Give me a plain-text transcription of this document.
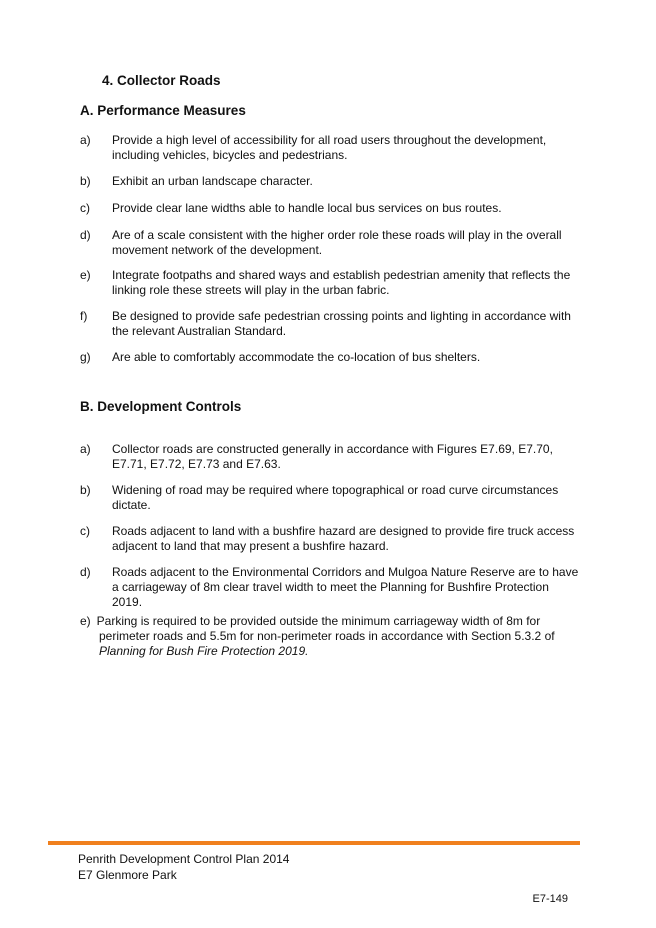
4. Collector Roads
A. Performance Measures
a) Provide a high level of accessibility for all road users throughout the development, including vehicles, bicycles and pedestrians.
b) Exhibit an urban landscape character.
c) Provide clear lane widths able to handle local bus services on bus routes.
d) Are of a scale consistent with the higher order role these roads will play in the overall movement network of the development.
e) Integrate footpaths and shared ways and establish pedestrian amenity that reflects the linking role these streets will play in the urban fabric.
f) Be designed to provide safe pedestrian crossing points and lighting in accordance with the relevant Australian Standard.
g) Are able to comfortably accommodate the co-location of bus shelters.
B. Development Controls
a) Collector roads are constructed generally in accordance with Figures E7.69, E7.70, E7.71, E7.72, E7.73 and E7.63.
b) Widening of road may be required where topographical or road curve circumstances dictate.
c) Roads adjacent to land with a bushfire hazard are designed to provide fire truck access adjacent to land that may present a bushfire hazard.
d) Roads adjacent to the Environmental Corridors and Mulgoa Nature Reserve are to have a carriageway of 8m clear travel width to meet the Planning for Bushfire Protection 2019.
e) Parking is required to be provided outside the minimum carriageway width of 8m for perimeter roads and 5.5m for non-perimeter roads in accordance with Section 5.3.2 of Planning for Bush Fire Protection 2019.
Penrith Development Control Plan 2014
E7 Glenmore Park
E7-149
